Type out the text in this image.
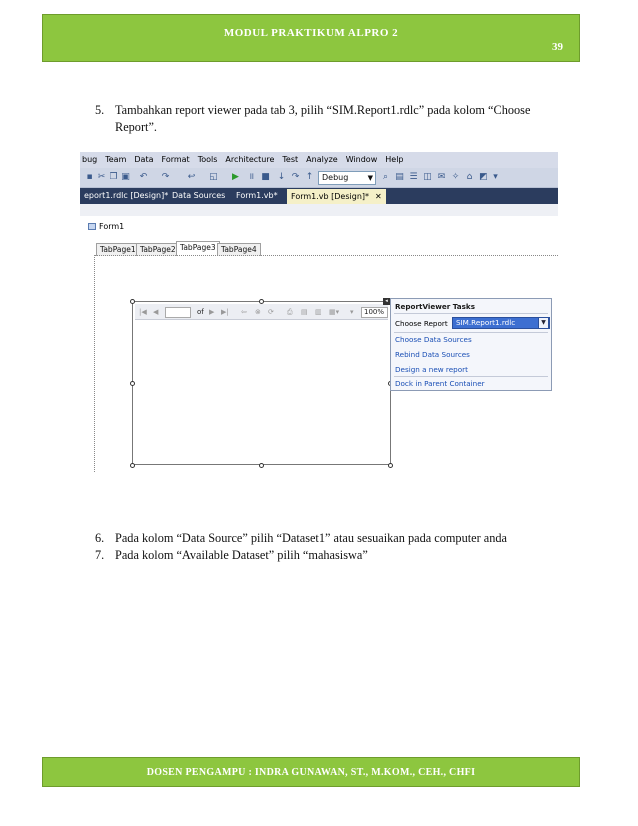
MODUL PRAKTIKUM ALPRO 2
39
5. Tambahkan report viewer pada tab 3, pilih “SIM.Report1.rdlc” pada kolom “Choose
Report”.
bug Team Data Format Tools Architecture Test Analyze Window Help
▪ ✂ ❐ ▣ ↶ ↷ ↩ ◱ ▶	॥ ■ ↓ ↷ ↑	Debug	▼	⌕ ▤ ☰ ◫ ✉ ✧ ⌂ ◩ ▾
eport1.rdlc [Design]* Data Sources	Form1.vb*	Form1.vb [Design]* ✕
Form1
TabPage1 TabPage2 TabPage3 TabPage4
|◀ ◀	of ▶ ▶| ⇦ ⊗ ⟳ ⎙ ▤ ▥ ▦▾ ▾	100%
◂
ReportViewer Tasks
Choose Report	SIM.Report1.rdlc	▼
Choose Data Sources
Rebind Data Sources
Design a new report
Dock in Parent Container
6. Pada kolom “Data Source” pilih “Dataset1” atau sesuaikan pada computer anda
7. Pada kolom “Available Dataset” pilih “mahasiswa”
DOSEN PENGAMPU : INDRA GUNAWAN, ST., M.KOM., CEH., CHFI
